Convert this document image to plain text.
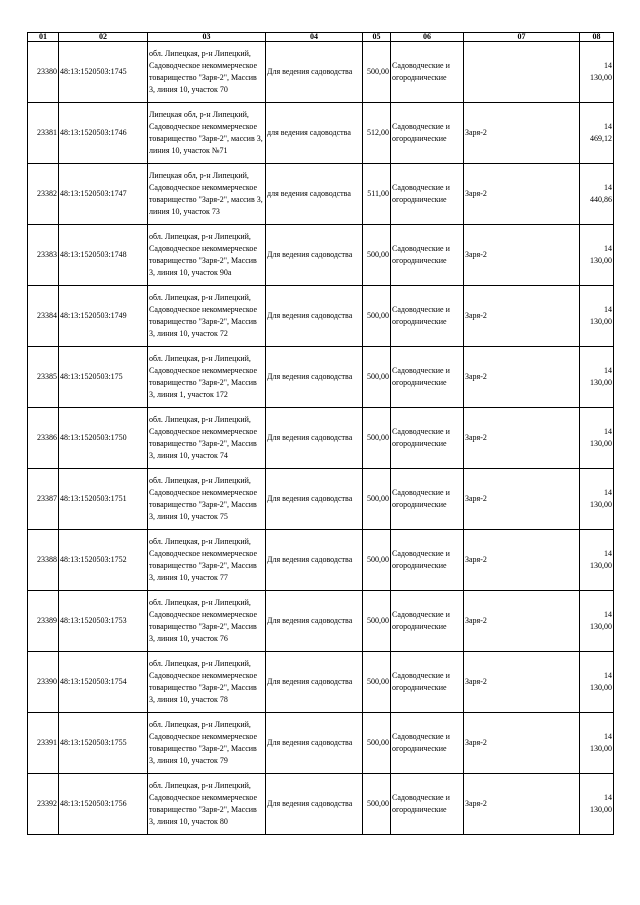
01	02	03	04	05	06	07	08
23380	48:13:1520503:1745	обл. Липецкая, р-н Липецкий, Садоводческое некоммерческое товарищество "Заря-2", Массив 3, линия 10, участок 70	Для ведения садоводства	500,00	Садоводческие и огороднические		14 130,00
23381	48:13:1520503:1746	Липецкая обл, р-н Липецкий, Садоводческое некоммерческое товарищество "Заря-2", массив 3, линия 10, участок №71	для ведения садоводства	512,00	Садоводческие и огороднические	Заря-2	14 469,12
23382	48:13:1520503:1747	Липецкая обл, р-н Липецкий, Садоводческое некоммерческое товарищество "Заря-2", массив 3, линия 10, участок 73	для ведения садоводства	511,00	Садоводческие и огороднические	Заря-2	14 440,86
23383	48:13:1520503:1748	обл. Липецкая, р-н Липецкий, Садоводческое некоммерческое товарищество "Заря-2", Массив 3, линия 10, участок 90а	Для ведения садоводства	500,00	Садоводческие и огороднические	Заря-2	14 130,00
23384	48:13:1520503:1749	обл. Липецкая, р-н Липецкий, Садоводческое некоммерческое товарищество "Заря-2", Массив 3, линия 10, участок 72	Для ведения садоводства	500,00	Садоводческие и огороднические	Заря-2	14 130,00
23385	48:13:1520503:175	обл. Липецкая, р-н Липецкий, Садоводческое некоммерческое товарищество "Заря-2", Массив 3, линия 1, участок 172	Для ведения садоводства	500,00	Садоводческие и огороднические	Заря-2	14 130,00
23386	48:13:1520503:1750	обл. Липецкая, р-н Липецкий, Садоводческое некоммерческое товарищество "Заря-2", Массив 3, линия 10, участок 74	Для ведения садоводства	500,00	Садоводческие и огороднические	Заря-2	14 130,00
23387	48:13:1520503:1751	обл. Липецкая, р-н Липецкий, Садоводческое некоммерческое товарищество "Заря-2", Массив 3, линия 10, участок 75	Для ведения садоводства	500,00	Садоводческие и огороднические	Заря-2	14 130,00
23388	48:13:1520503:1752	обл. Липецкая, р-н Липецкий, Садоводческое некоммерческое товарищество "Заря-2", Массив 3, линия 10, участок 77	Для ведения садоводства	500,00	Садоводческие и огороднические	Заря-2	14 130,00
23389	48:13:1520503:1753	обл. Липецкая, р-н Липецкий, Садоводческое некоммерческое товарищество "Заря-2", Массив 3, линия 10, участок 76	Для ведения садоводства	500,00	Садоводческие и огороднические	Заря-2	14 130,00
23390	48:13:1520503:1754	обл. Липецкая, р-н Липецкий, Садоводческое некоммерческое товарищество "Заря-2", Массив 3, линия 10, участок 78	Для ведения садоводства	500,00	Садоводческие и огороднические	Заря-2	14 130,00
23391	48:13:1520503:1755	обл. Липецкая, р-н Липецкий, Садоводческое некоммерческое товарищество "Заря-2", Массив 3, линия 10, участок 79	Для ведения садоводства	500,00	Садоводческие и огороднические	Заря-2	14 130,00
23392	48:13:1520503:1756	обл. Липецкая, р-н Липецкий, Садоводческое некоммерческое товарищество "Заря-2", Массив 3, линия 10, участок 80	Для ведения садоводства	500,00	Садоводческие и огороднические	Заря-2	14 130,00
